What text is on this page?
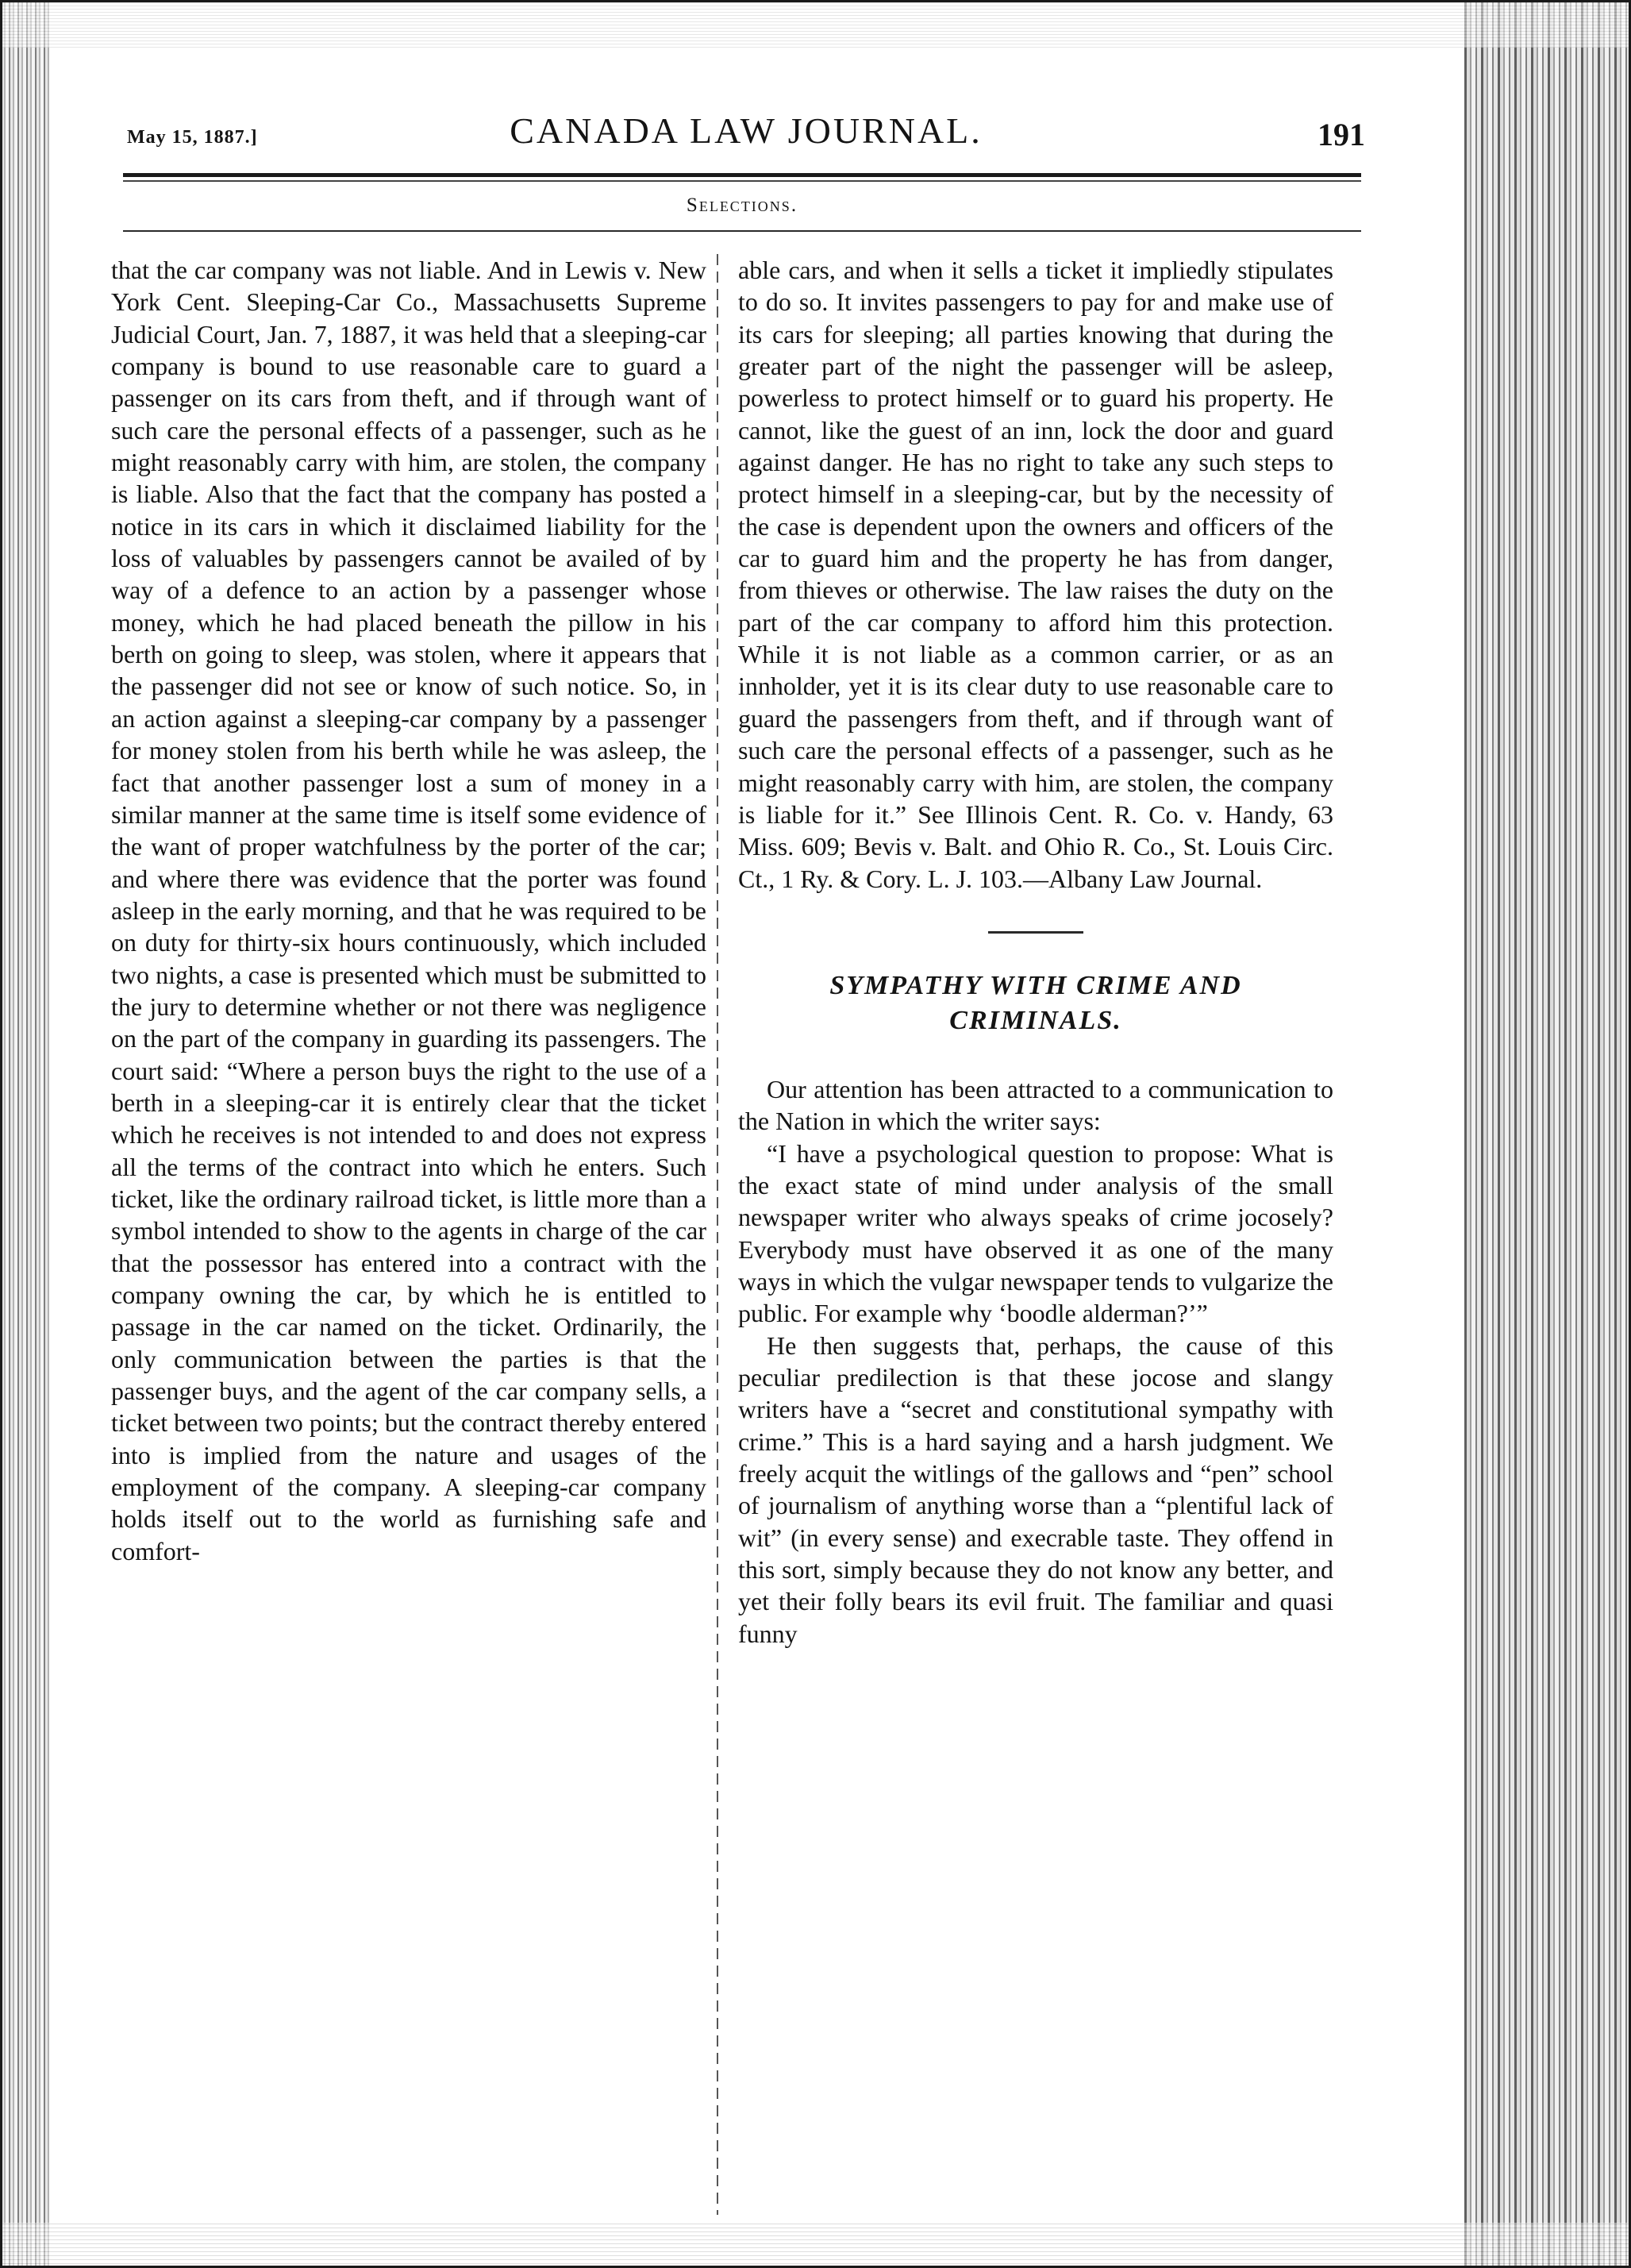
May 15, 1887.]	CANADA LAW JOURNAL.	191
Selections.

that the car company was not liable. And in Lewis v. New York Cent. Sleeping-Car Co., Massachusetts Supreme Judicial Court, Jan. 7, 1887, it was held that a sleeping-car company is bound to use reasonable care to guard a passenger on its cars from theft, and if through want of such care the personal effects of a passenger, such as he might reasonably carry with him, are stolen, the company is liable. Also that the fact that the company has posted a notice in its cars in which it disclaimed liability for the loss of valuables by passengers cannot be availed of by way of a defence to an action by a passenger whose money, which he had placed beneath the pillow in his berth on going to sleep, was stolen, where it appears that the passenger did not see or know of such notice. So, in an action against a sleeping-car company by a passenger for money stolen from his berth while he was asleep, the fact that another passenger lost a sum of money in a similar manner at the same time is itself some evidence of the want of proper watchfulness by the porter of the car; and where there was evidence that the porter was found asleep in the early morning, and that he was required to be on duty for thirty-six hours continuously, which included two nights, a case is presented which must be submitted to the jury to determine whether or not there was negligence on the part of the company in guarding its passengers. The court said: “Where a person buys the right to the use of a berth in a sleeping-car it is entirely clear that the ticket which he receives is not intended to and does not express all the terms of the contract into which he enters. Such ticket, like the ordinary railroad ticket, is little more than a symbol intended to show to the agents in charge of the car that the possessor has entered into a contract with the company owning the car, by which he is entitled to passage in the car named on the ticket. Ordinarily, the only communication between the parties is that the passenger buys, and the agent of the car company sells, a ticket between two points; but the contract thereby entered into is implied from the nature and usages of the employment of the company. A sleeping-car company holds itself out to the world as furnishing safe and comfort-

able cars, and when it sells a ticket it impliedly stipulates to do so. It invites passengers to pay for and make use of its cars for sleeping; all parties knowing that during the greater part of the night the passenger will be asleep, powerless to protect himself or to guard his property. He cannot, like the guest of an inn, lock the door and guard against danger. He has no right to take any such steps to protect himself in a sleeping-car, but by the necessity of the case is dependent upon the owners and officers of the car to guard him and the property he has from danger, from thieves or otherwise. The law raises the duty on the part of the car company to afford him this protection. While it is not liable as a common carrier, or as an innholder, yet it is its clear duty to use reasonable care to guard the passengers from theft, and if through want of such care the personal effects of a passenger, such as he might reasonably carry with him, are stolen, the company is liable for it.” See Illinois Cent. R. Co. v. Handy, 63 Miss. 609; Bevis v. Balt. and Ohio R. Co., St. Louis Circ. Ct., 1 Ry. & Cory. L. J. 103.—Albany Law Journal.

SYMPATHY WITH CRIME AND
CRIMINALS.

Our attention has been attracted to a communication to the Nation in which the writer says:

“I have a psychological question to propose: What is the exact state of mind under analysis of the small newspaper writer who always speaks of crime jocosely? Everybody must have observed it as one of the many ways in which the vulgar newspaper tends to vulgarize the public. For example why ‘boodle alderman?’”

He then suggests that, perhaps, the cause of this peculiar predilection is that these jocose and slangy writers have a “secret and constitutional sympathy with crime.” This is a hard saying and a harsh judgment. We freely acquit the witlings of the gallows and “pen” school of journalism of anything worse than a “plentiful lack of wit” (in every sense) and execrable taste. They offend in this sort, simply because they do not know any better, and yet their folly bears its evil fruit. The familiar and quasi funny
